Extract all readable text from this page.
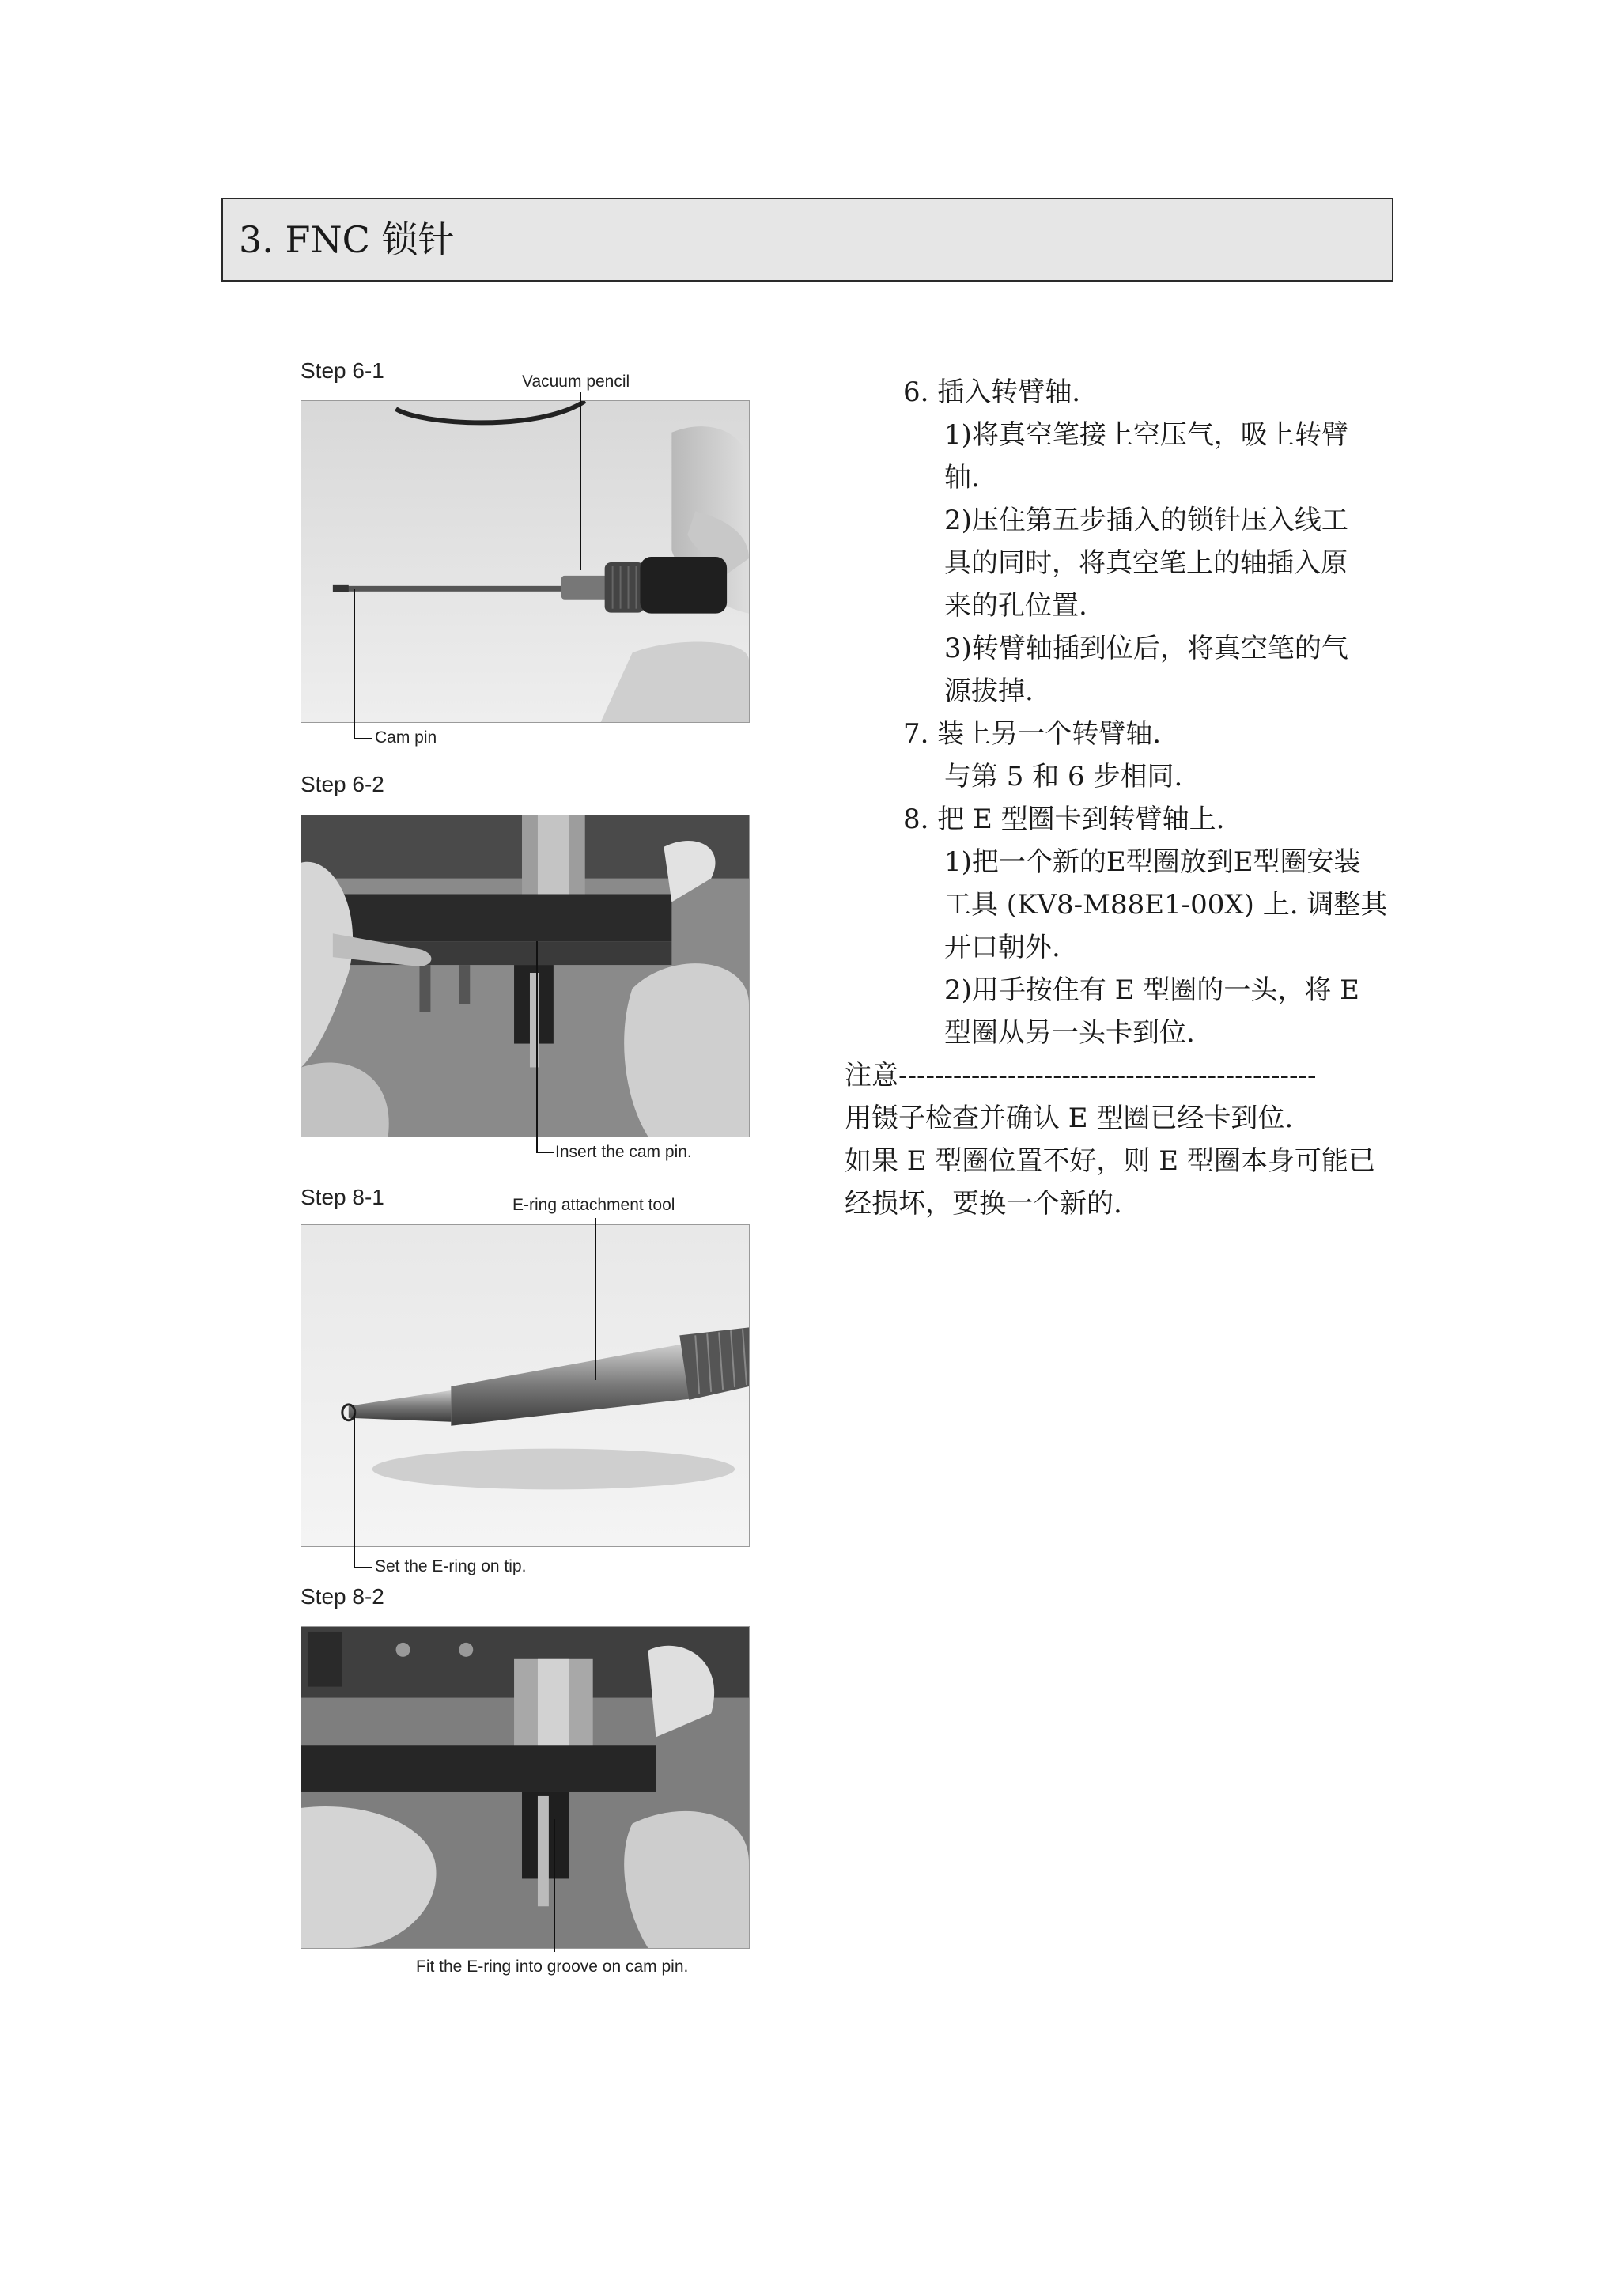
3. FNC 锁针
Step 6-1	Vacuum pencil
Cam pin
Step 6-2
Insert the cam pin.
Step 8-1	E-ring attachment tool
Set the E-ring on tip.
Step 8-2
Fit the E-ring into groove on cam pin.
6. 插入转臂轴.
1)将真空笔接上空压气，吸上转臂
轴.
2)压住第五步插入的锁针压入线工
具的同时，将真空笔上的轴插入原
来的孔位置.
3)转臂轴插到位后，将真空笔的气
源拔掉.
7. 装上另一个转臂轴.
与第 5 和 6 步相同.
8. 把 E 型圈卡到转臂轴上.
1)把一个新的E型圈放到E型圈安装
工具 (KV8-M88E1-00X) 上. 调整其
开口朝外.
2)用手按住有 E 型圈的一头，将 E
型圈从另一头卡到位.
注意----------------------------------------------
用镊子检查并确认 E 型圈已经卡到位.
如果 E 型圈位置不好，则 E 型圈本身可能已
经损坏，要换一个新的.
